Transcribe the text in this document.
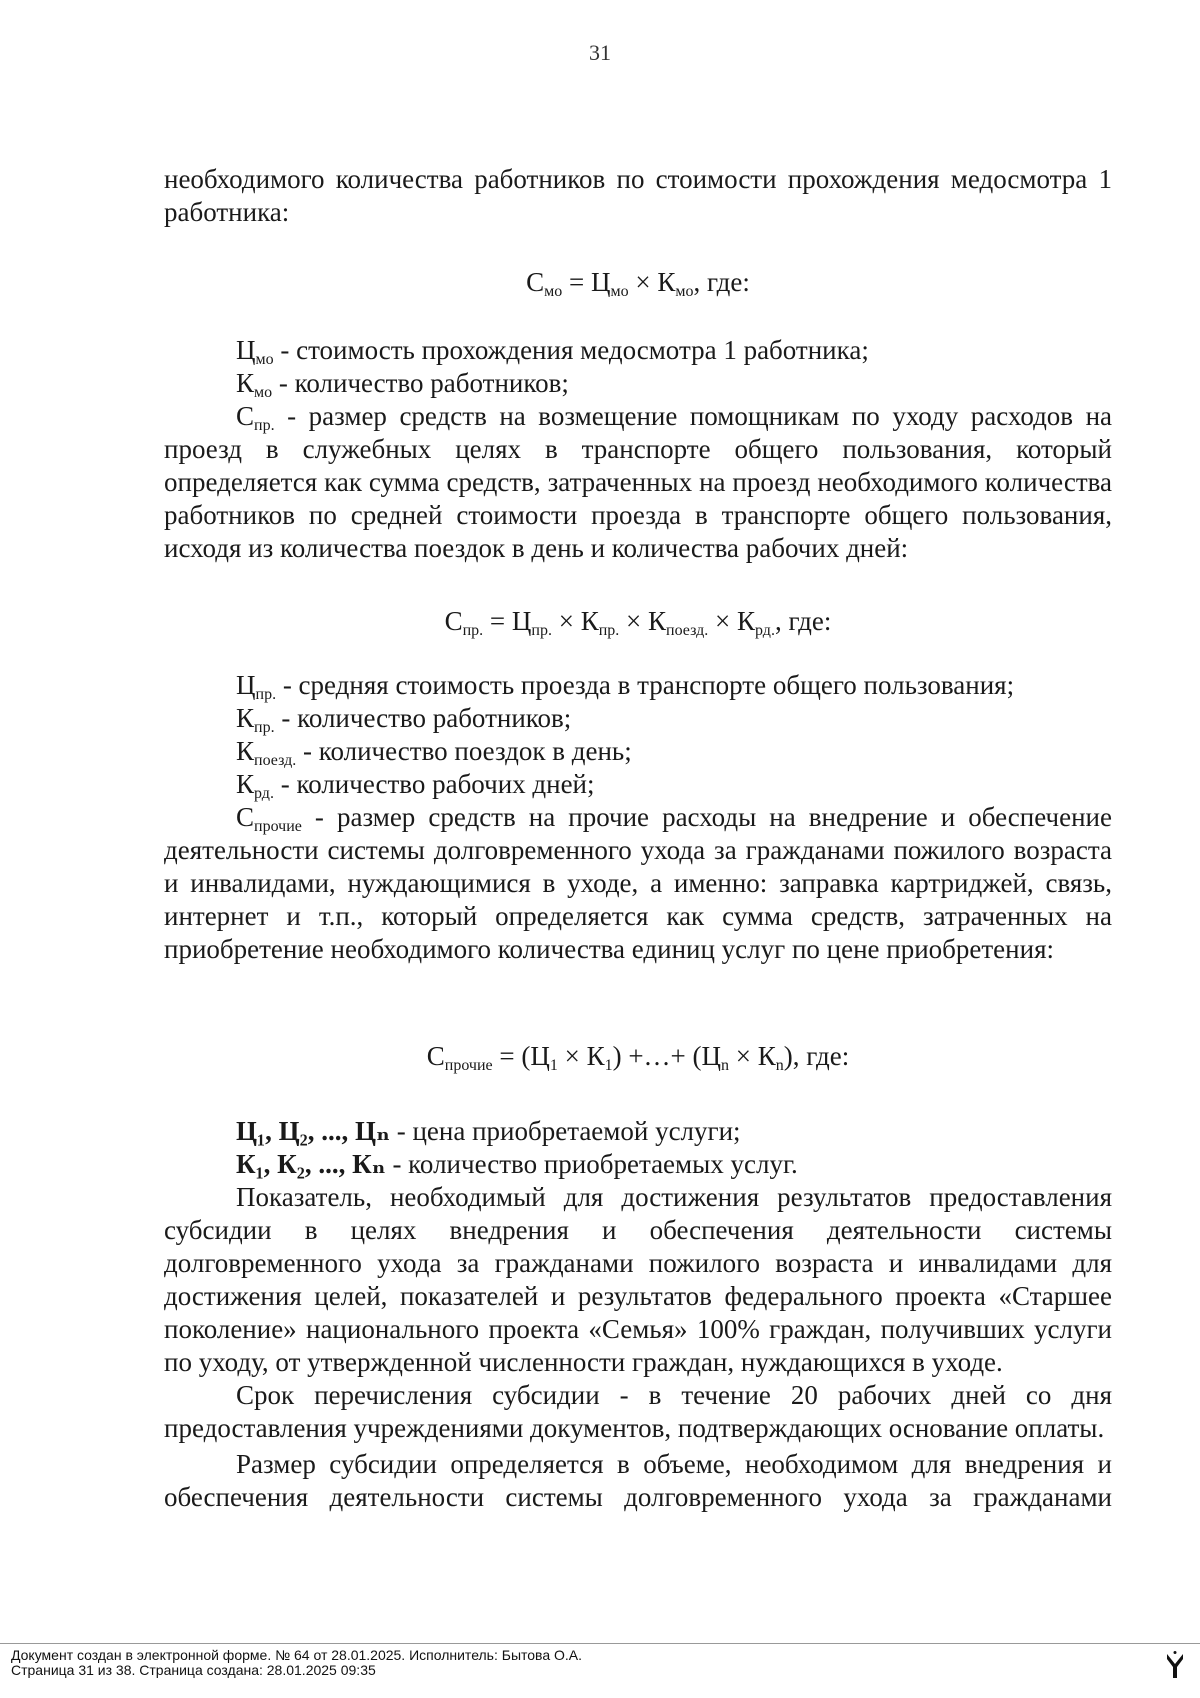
31

необходимого количества работников по стоимости прохождения медосмотра 1 работника:

$С_{мо} = Ц_{мо} \times К_{мо}$, где:
$Ц_{мо}$ - стоимость прохождения медосмотра 1 работника;
$К_{мо}$ - количество работников;

$С_{пр.}$ - размер средств на возмещение помощникам по уходу расходов на проезд в служебных целях в транспорте общего пользования, который определяется как сумма средств, затраченных на проезд необходимого количества работников по средней стоимости проезда в транспорте общего пользования, исходя из количества поездок в день и количества рабочих дней:

$С_{пр.} = Ц_{пр.} \times К_{пр.} \times К_{поезд.} \times К_{рд.}$, где:
$Ц_{пр.}$ - средняя стоимость проезда в транспорте общего пользования;
$К_{пр.}$ - количество работников;
$К_{поезд.}$ - количество поездок в день;
$К_{рд.}$ - количество рабочих дней;

$С_{прочие}$ - размер средств на прочие расходы на внедрение и обеспечение деятельности системы долговременного ухода за гражданами пожилого возраста и инвалидами, нуждающимися в уходе, а именно: заправка картриджей, связь, интернет и т.п., который определяется как сумма средств, затраченных на приобретение необходимого количества единиц услуг по цене приобретения:

$С_{прочие} = (Ц_1 \times К_1)$ +…+ $(Ц_n \times К_n)$, где:
Ц₁, Ц₂, ..., Цₙ - цена приобретаемой услуги;
К₁, К₂, ..., Кₙ - количество приобретаемых услуг.

Показатель, необходимый для достижения результатов предоставления субсидии в целях внедрения и обеспечения деятельности системы долговременного ухода за гражданами пожилого возраста и инвалидами для достижения целей, показателей и результатов федерального проекта «Старшее поколение» национального проекта «Семья» 100% граждан, получивших услуги по уходу, от утвержденной численности граждан, нуждающихся в уходе.

Срок перечисления субсидии - в течение 20 рабочих дней со дня предоставления учреждениями документов, подтверждающих основание оплаты.

Размер субсидии определяется в объеме, необходимом для внедрения и обеспечения деятельности системы долговременного ухода за гражданами

Документ создан в электронной форме. № 64 от 28.01.2025. Исполнитель: Бытова О.А.
Страница 31 из 38. Страница создана: 28.01.2025 09:35
